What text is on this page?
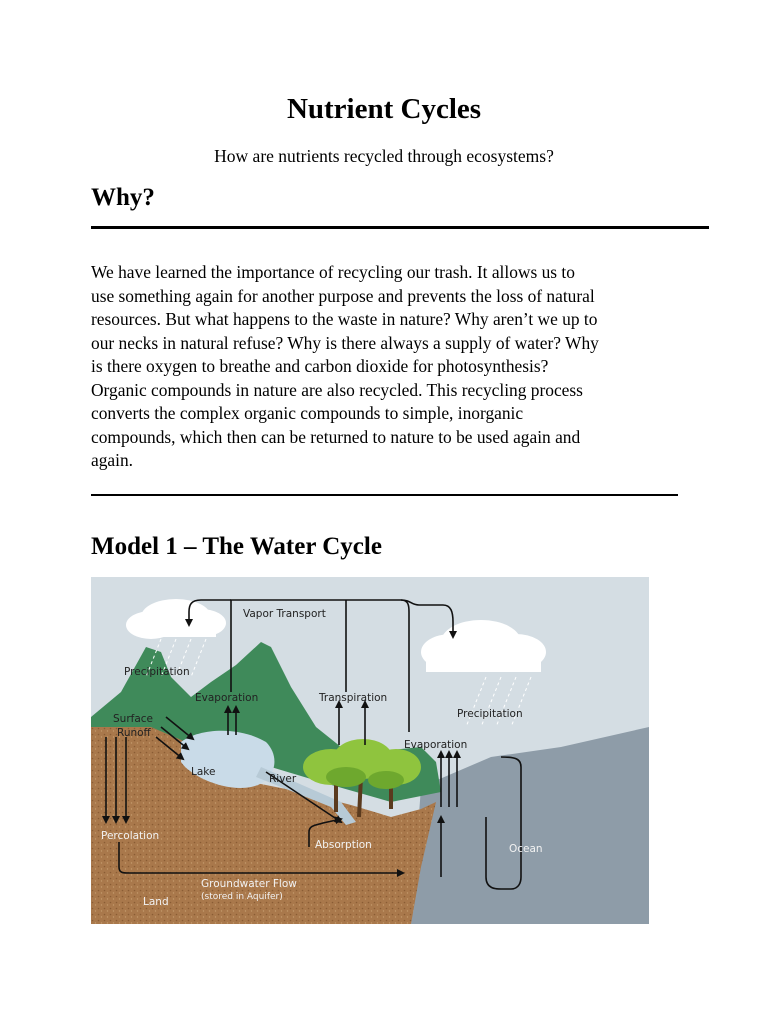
Nutrient Cycles

How are nutrients recycled through ecosystems?

Why?
We have learned the importance of recycling our trash. It allows us to
use something again for another purpose and prevents the loss of natural
resources. But what happens to the waste in nature? Why aren’t we up to
our necks in natural refuse? Why is there always a supply of water? Why
is there oxygen to breathe and carbon dioxide for photosynthesis?
Organic compounds in nature are also recycled. This recycling process
converts the complex organic compounds to simple, inorganic
compounds, which then can be returned to nature to be used again and
again.
Model 1 – The Water Cycle
Vapor Transport
Precipitation
Evaporation	Transpiration
Precipitation
Surface
Runoff
Lake
River
Evaporation
Percolation
Absorption	Ocean
Groundwater Flow
(stored in Aquifer)
Land
